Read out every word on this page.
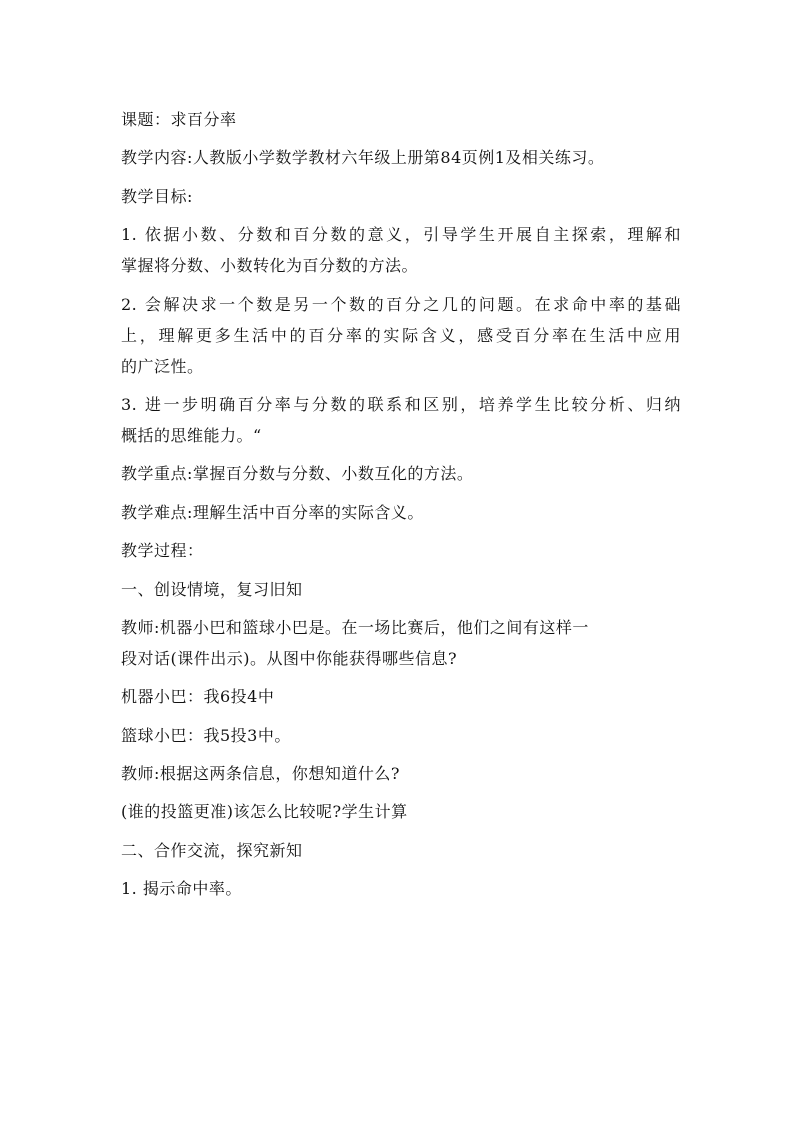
课题：求百分率
教学内容:人教版小学数学教材六年级上册第84页例1及相关练习。
教学目标:
1. 依据小数、分数和百分数的意义，引导学生开展自主探索，理解和
掌握将分数、小数转化为百分数的方法。
2. 会解决求一个数是另一个数的百分之几的问题。在求命中率的基础
上，理解更多生活中的百分率的实际含义，感受百分率在生活中应用
的广泛性。
3. 进一步明确百分率与分数的联系和区别，培养学生比较分析、归纳
概括的思维能力。“
教学重点:掌握百分数与分数、小数互化的方法。
教学难点:理解生活中百分率的实际含义。
教学过程：
一、创设情境，复习旧知
教师:机器小巴和篮球小巴是。在一场比赛后，他们之间有这样一
段对话(课件出示)。从图中你能获得哪些信息?
机器小巴：我6投4中
篮球小巴：我5投3中。
教师:根据这两条信息，你想知道什么?
(谁的投篮更准)该怎么比较呢?学生计算
二、合作交流，探究新知
1. 揭示命中率。
